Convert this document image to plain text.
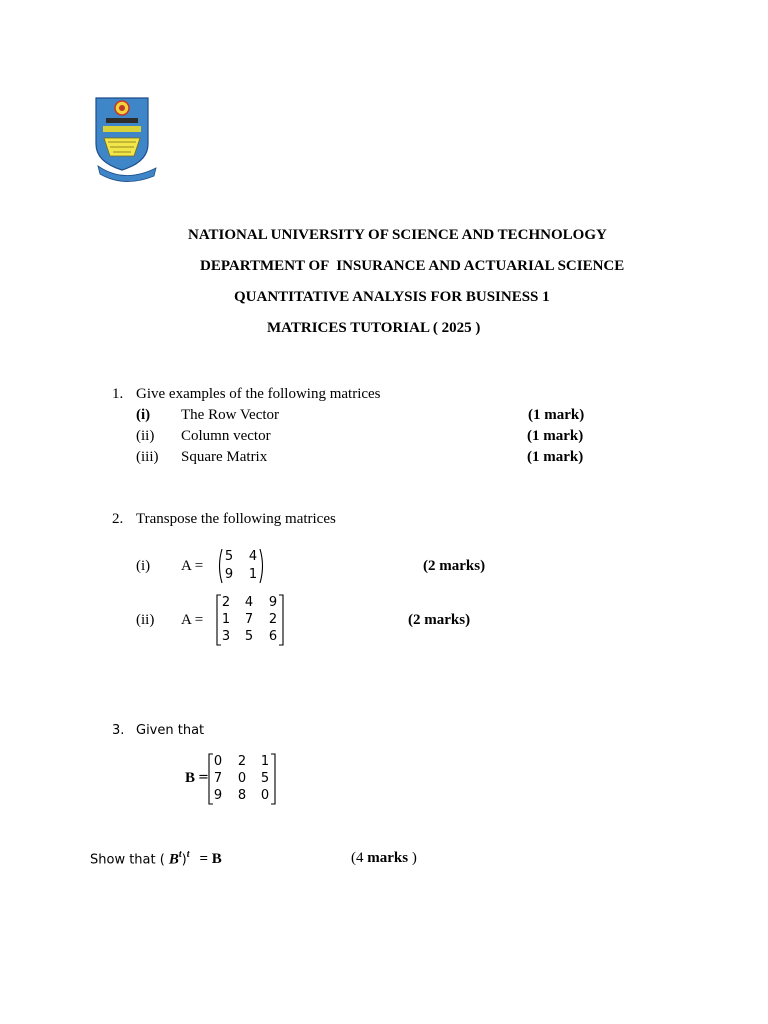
NATIONAL UNIVERSITY OF SCIENCE AND TECHNOLOGY
DEPARTMENT OF  INSURANCE AND ACTUARIAL SCIENCE
QUANTITATIVE ANALYSIS FOR BUSINESS 1
MATRICES TUTORIAL ( 2025 )
1. Give examples of the following matrices
(i) The Row Vector	(1 mark)
(ii) Column vector	(1 mark)
(iii) Square Matrix	(1 mark)
2. Transpose the following matrices
(i) A =
5 4
9 1
(2 marks)
(ii) A =
2 4 9
1 7 2
3 5 6
(2 marks)
3. Given that
B =
0 2 1
7 0 5
9 8 0
Show that ( $B^t)^t = B$	(4 marks )
